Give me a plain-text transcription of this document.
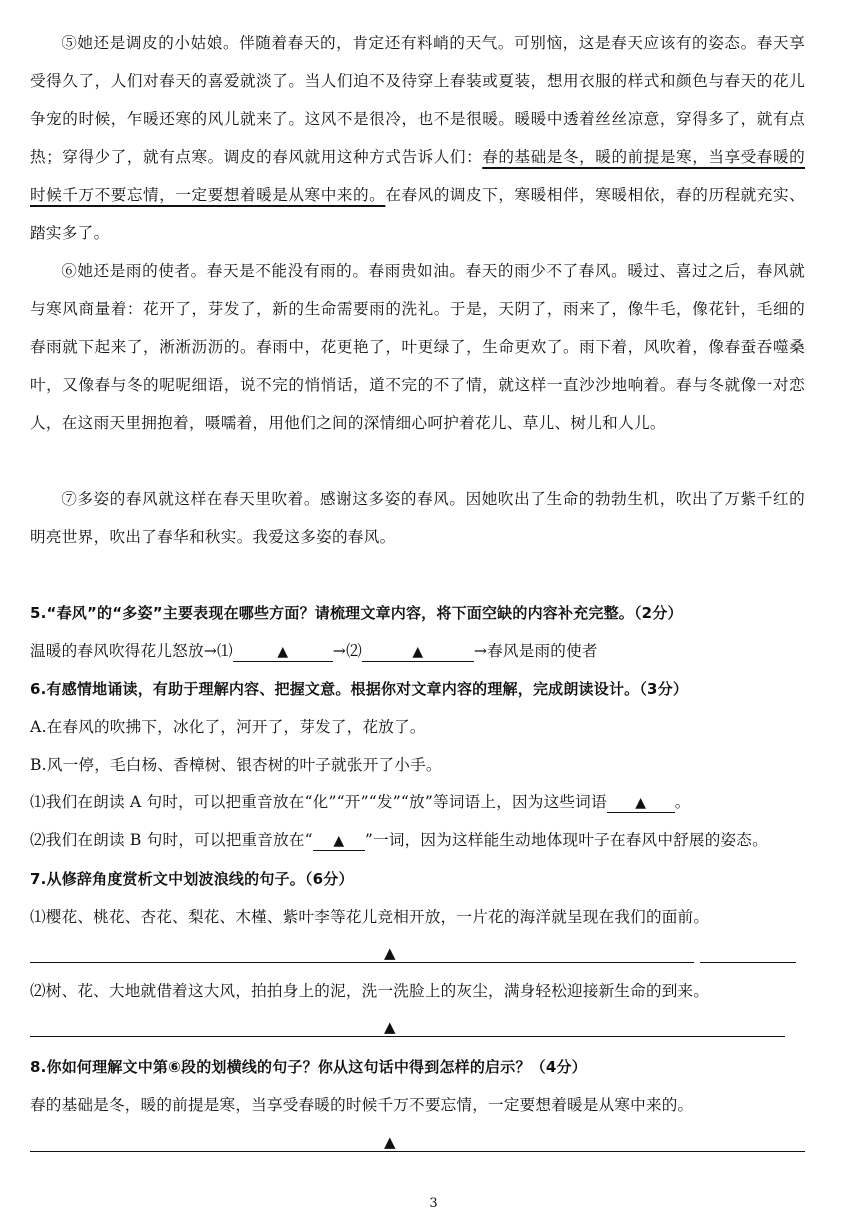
⑤她还是调皮的小姑娘。伴随着春天的，肯定还有料峭的天气。可别恼，这是春天应该有的姿态。春天享受得久了，人们对春天的喜爱就淡了。当人们迫不及待穿上春装或夏装，想用衣服的样式和颜色与春天的花儿争宠的时候，乍暖还寒的风儿就来了。这风不是很冷，也不是很暖。暖暖中透着丝丝凉意，穿得多了，就有点热；穿得少了，就有点寒。调皮的春风就用这种方式告诉人们：春的基础是冬，暖的前提是寒，当享受春暖的时候千万不要忘情，一定要想着暖是从寒中来的。在春风的调皮下，寒暖相伴，寒暖相依，春的历程就充实、踏实多了。

⑥她还是雨的使者。春天是不能没有雨的。春雨贵如油。春天的雨少不了春风。暖过、喜过之后，春风就与寒风商量着：花开了，芽发了，新的生命需要雨的洗礼。于是，天阴了，雨来了，像牛毛，像花针，毛细的春雨就下起来了，淅淅沥沥的。春雨中，花更艳了，叶更绿了，生命更欢了。雨下着，风吹着，像春蚕吞噬桑叶，又像春与冬的呢呢细语，说不完的悄悄话，道不完的不了情，就这样一直沙沙地响着。春与冬就像一对恋人，在这雨天里拥抱着，嗫嚅着，用他们之间的深情细心呵护着花儿、草儿、树儿和人儿。

⑦多姿的春风就这样在春天里吹着。感谢这多姿的春风。因她吹出了生命的勃勃生机，吹出了万紫千红的明亮世界，吹出了春华和秋实。我爱这多姿的春风。

5.“春风”的“多姿”主要表现在哪些方面？请梳理文章内容，将下面空缺的内容补充完整。（2分）

温暖的春风吹得花儿怒放→⑴	▲	→⑵	▲	→春风是雨的使者

6.有感情地诵读，有助于理解内容、把握文意。根据你对文章内容的理解，完成朗读设计。（3分）

A.在春风的吹拂下，冰化了，河开了，芽发了，花放了。

B.风一停，毛白杨、香樟树、银杏树的叶子就张开了小手。

⑴我们在朗读 A 句时，可以把重音放在“化”“开”“发”“放”等词语上，因为这些词语 ▲ 。

⑵我们在朗读 B 句时，可以把重音放在“ ▲ ”一词，因为这样能生动地体现叶子在春风中舒展的姿态。

7.从修辞角度赏析文中划波浪线的句子。（6分）

⑴樱花、桃花、杏花、梨花、木槿、紫叶李等花儿竞相开放，一片花的海洋就呈现在我们的面前。

▲

⑵树、花、大地就借着这大风，拍拍身上的泥，洗一洗脸上的灰尘，满身轻松迎接新生命的到来。

▲

8.你如何理解文中第⑥段的划横线的句子？你从这句话中得到怎样的启示？（4分）

春的基础是冬，暖的前提是寒，当享受春暖的时候千万不要忘情，一定要想着暖是从寒中来的。

▲
3
